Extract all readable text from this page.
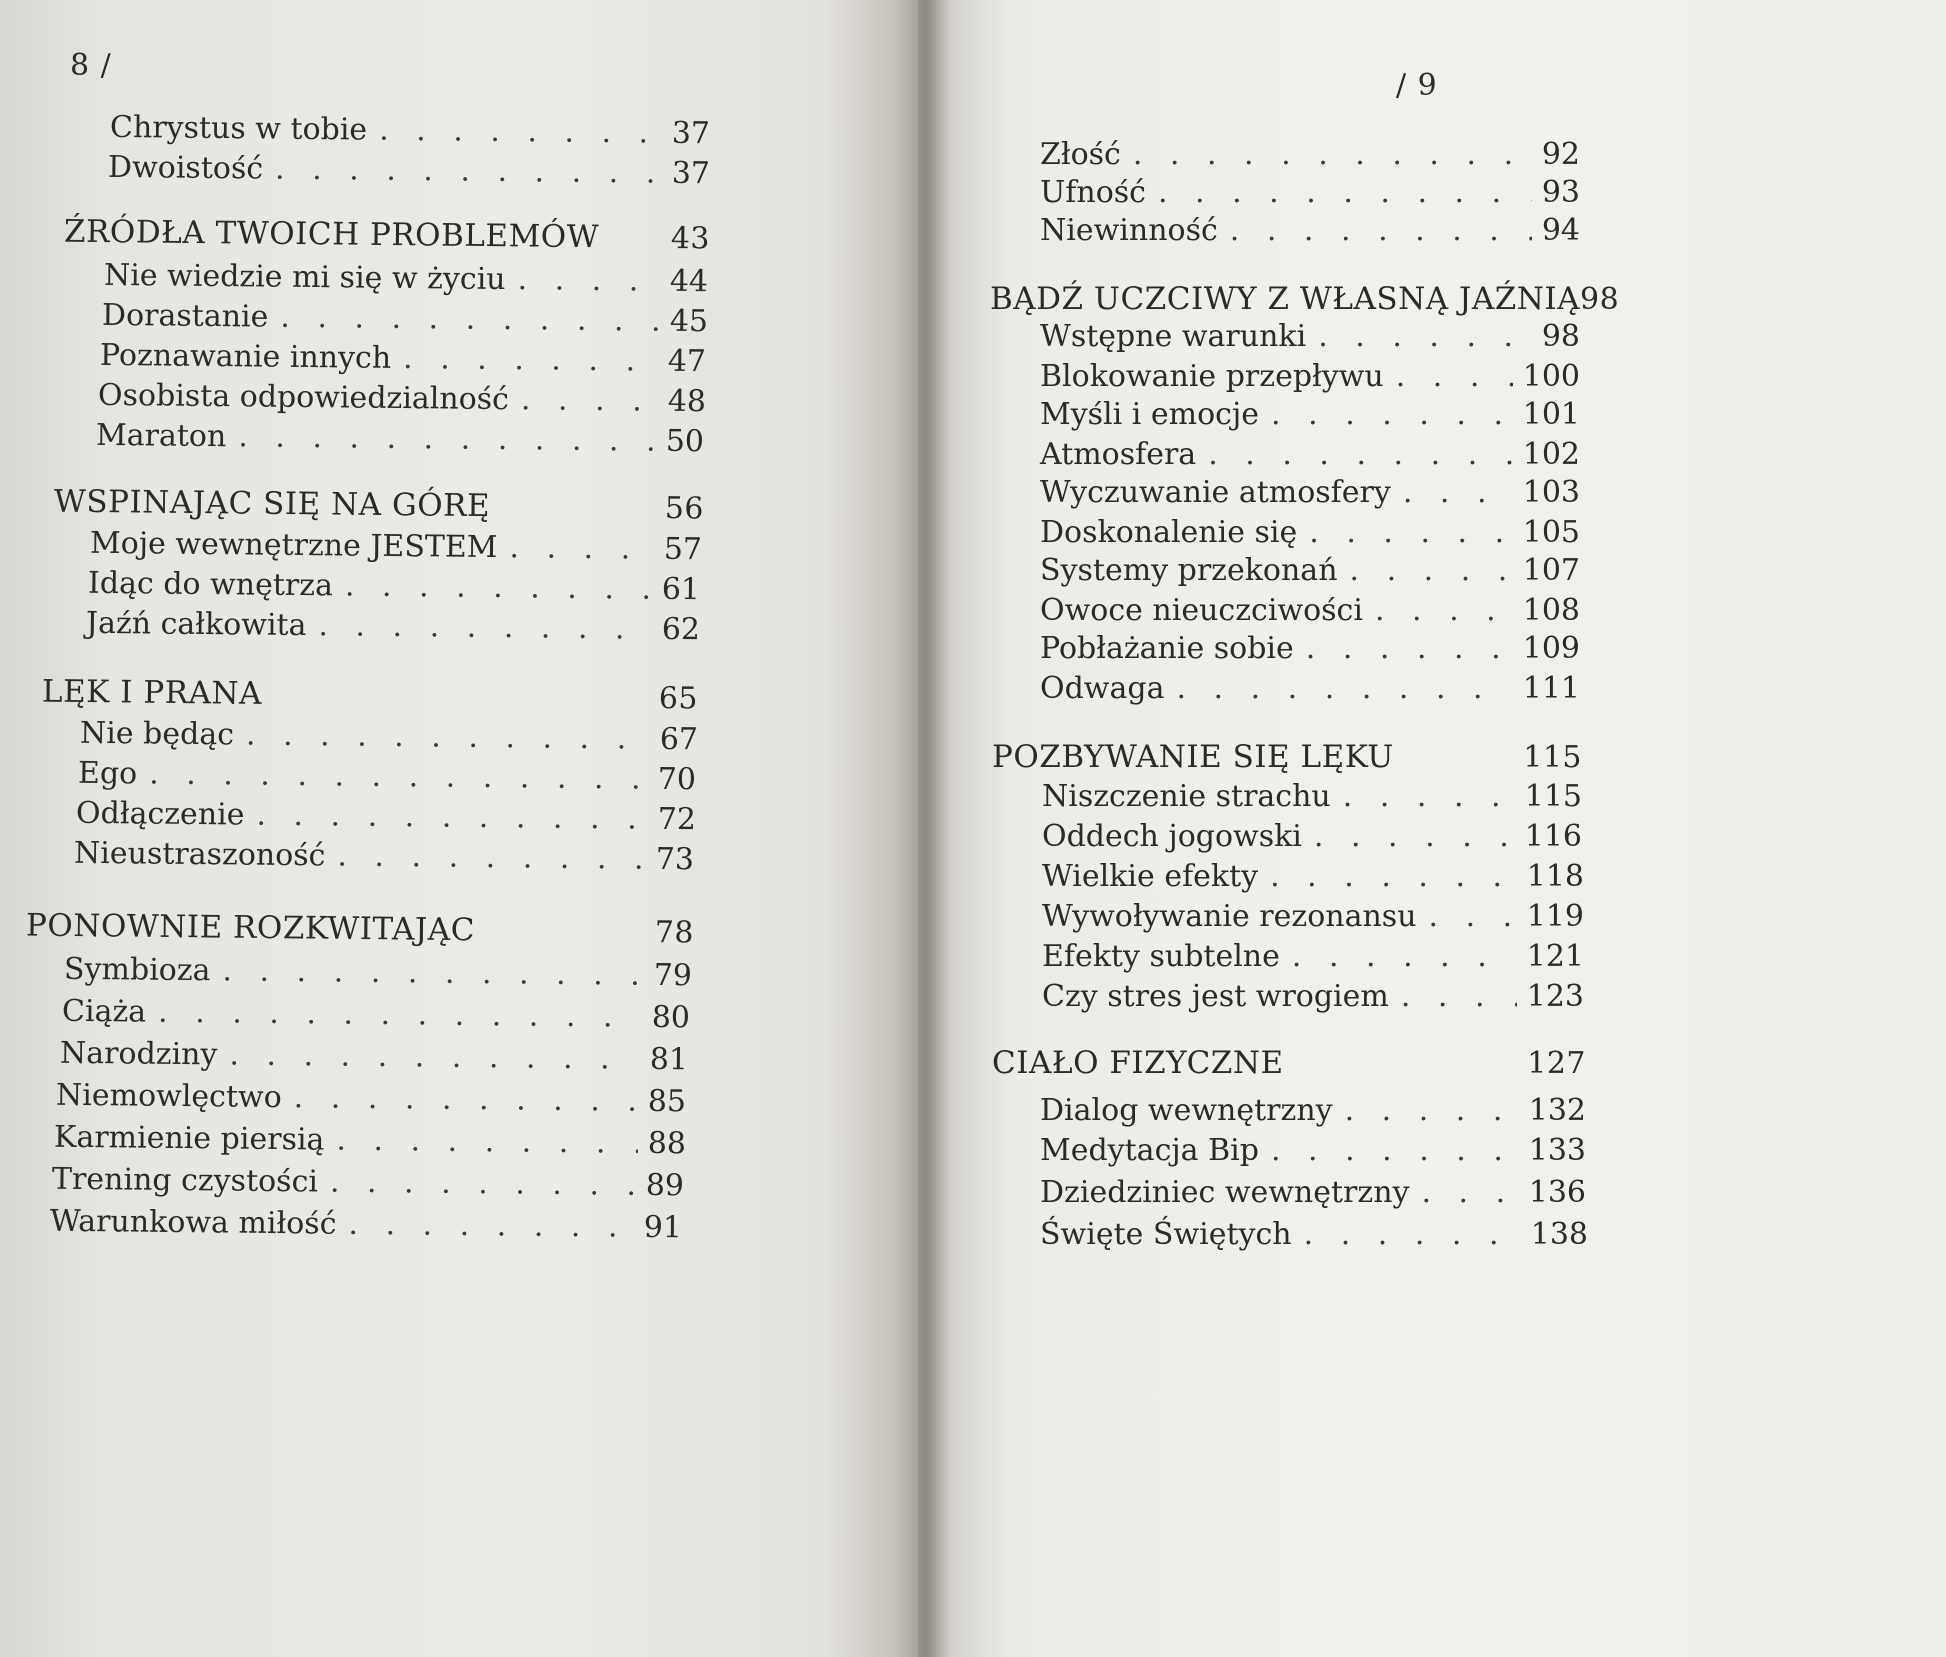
8 /
Chrystus w tobie . . .	37
Dwoistość . . .	37
ŹRÓDŁA TWOICH PROBLEMÓW	43
Nie wiedzie mi się w życiu . . .	44
Dorastanie . . .	45
Poznawanie innych . . .	47
Osobista odpowiedzialność . . .	48
Maraton . . .	50
WSPINAJĄC SIĘ NA GÓRĘ	56
Moje wewnętrzne JESTEM . . .	57
Idąc do wnętrza . . .	61
Jaźń całkowita . . .	62
LĘK I PRANA	65
Nie będąc . . .	67
Ego . . .	70
Odłączenie . . .	72
Nieustraszoność . . .	73
PONOWNIE ROZKWITAJĄC	78
Symbioza . . .	79
Ciąża . . .	80
Narodziny . . .	81
Niemowlęctwo . . .	85
Karmienie piersią . . .	88
Trening czystości . . .	89
Warunkowa miłość . . .	91
/ 9
Złość . . .	92
Ufność . . .	93
Niewinność . . .	94
BĄDŹ UCZCIWY Z WŁASNĄ JAŹNIĄ 98
Wstępne warunki . . .	98
Blokowanie przepływu . . .	100
Myśli i emocje . . .	101
Atmosfera . . .	102
Wyczuwanie atmosfery . . .	103
Doskonalenie się . . .	105
Systemy przekonań . . .	107
Owoce nieuczciwości . . .	108
Pobłażanie sobie . . .	109
Odwaga . . .	111
POZBYWANIE SIĘ LĘKU	115
Niszczenie strachu . . .	115
Oddech jogowski . . .	116
Wielkie efekty . . .	118
Wywoływanie rezonansu . . .	119
Efekty subtelne . . .	121
Czy stres jest wrogiem . . .	123
CIAŁO FIZYCZNE	127
Dialog wewnętrzny . . .	132
Medytacja Bip . . .	133
Dziedziniec wewnętrzny . . .	136
Święte Świętych . . .	138
